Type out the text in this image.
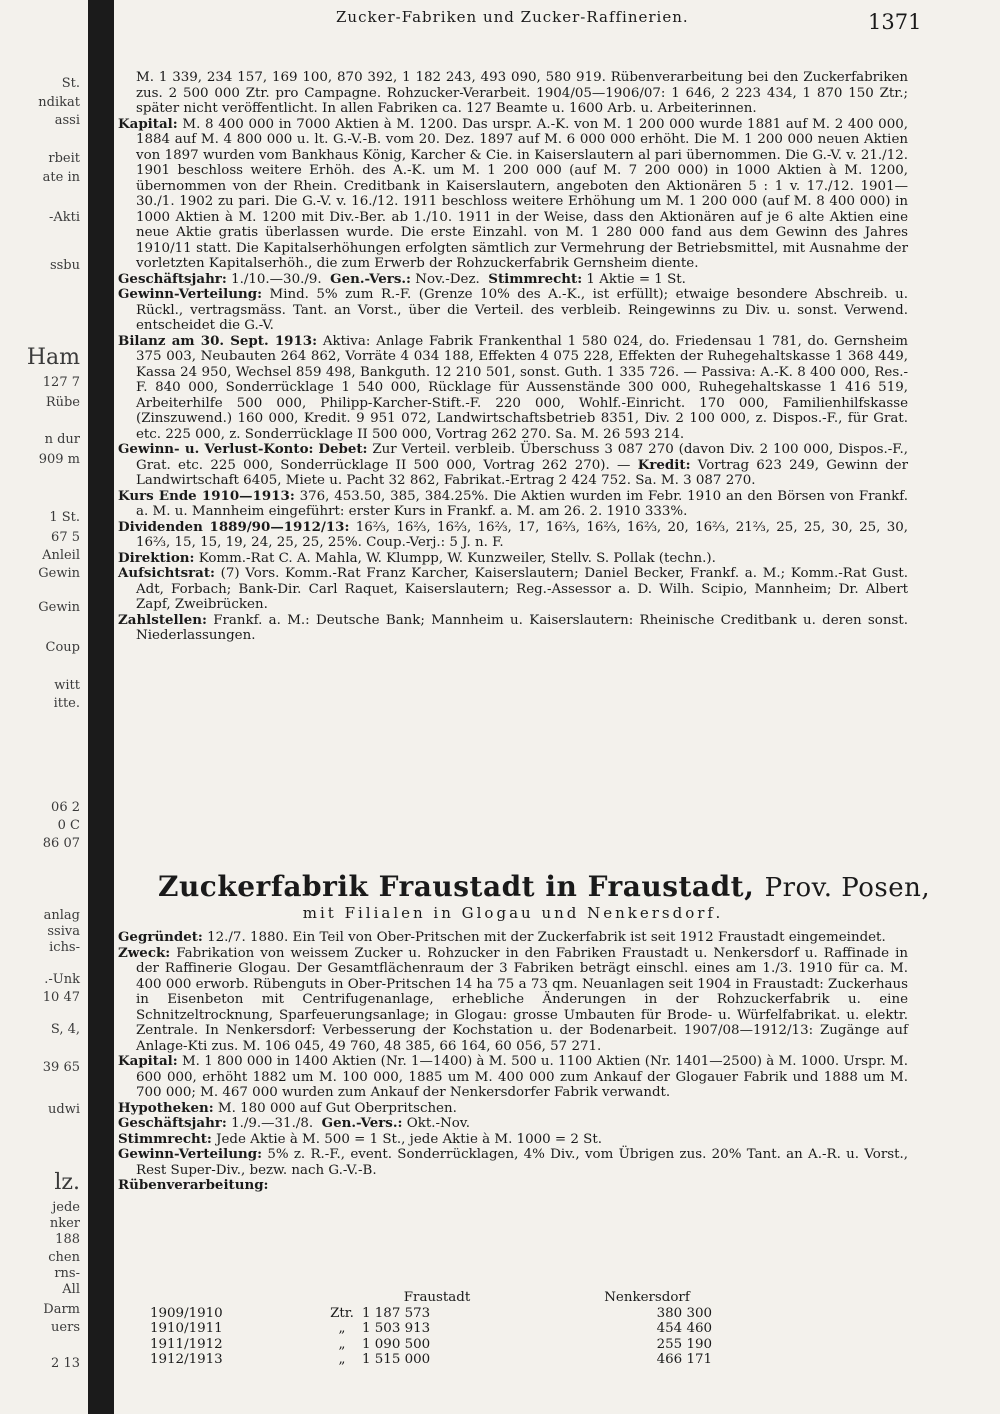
St.
ndikat
assi
rbeit
ate in
-Akti
ssbu
Ham
127 7
Rübe
n dur
909 m
1 St.
67 5
Anleil
Gewin
Gewin
Coup
witt
itte.
06 2
0 C
86 07
anlag
ssiva
ichs-
.-Unk
10 47
S, 4,
39 65
udwi
lz.
jede
nker
188
chen
rns-
All
Darm
uers
2 13
Zucker-Fabriken und Zucker-Raffinerien.	1371

M. 1 339, 234 157, 169 100, 870 392, 1 182 243, 493 090, 580 919. Rübenverarbeitung bei den Zuckerfabriken zus. 2 500 000 Ztr. pro Campagne. Rohzucker-Verarbeit. 1904/05—1906/07: 1 646, 2 223 434, 1 870 150 Ztr.; später nicht veröffentlicht. In allen Fabriken ca. 127 Beamte u. 1600 Arb. u. Arbeiterinnen.

Kapital: M. 8 400 000 in 7000 Aktien à M. 1200. Das urspr. A.-K. von M. 1 200 000 wurde 1881 auf M. 2 400 000, 1884 auf M. 4 800 000 u. lt. G.-V.-B. vom 20. Dez. 1897 auf M. 6 000 000 erhöht. Die M. 1 200 000 neuen Aktien von 1897 wurden vom Bankhaus König, Karcher & Cie. in Kaiserslautern al pari übernommen. Die G.-V. v. 21./12. 1901 beschloss weitere Erhöh. des A.-K. um M. 1 200 000 (auf M. 7 200 000) in 1000 Aktien à M. 1200, übernommen von der Rhein. Creditbank in Kaiserslautern, angeboten den Aktionären 5 : 1 v. 17./12. 1901—30./1. 1902 zu pari. Die G.-V. v. 16./12. 1911 beschloss weitere Erhöhung um M. 1 200 000 (auf M. 8 400 000) in 1000 Aktien à M. 1200 mit Div.-Ber. ab 1./10. 1911 in der Weise, dass den Aktionären auf je 6 alte Aktien eine neue Aktie gratis überlassen wurde. Die erste Einzahl. von M. 1 280 000 fand aus dem Gewinn des Jahres 1910/11 statt. Die Kapitalserhöhungen erfolgten sämtlich zur Vermehrung der Betriebsmittel, mit Ausnahme der vorletzten Kapitalserhöh., die zum Erwerb der Rohzuckerfabrik Gernsheim diente.

Geschäftsjahr: 1./10.—30./9. Gen.-Vers.: Nov.-Dez. Stimmrecht: 1 Aktie = 1 St.

Gewinn-Verteilung: Mind. 5% zum R.-F. (Grenze 10% des A.-K., ist erfüllt); etwaige besondere Abschreib. u. Rückl., vertragsmäss. Tant. an Vorst., über die Verteil. des verbleib. Reingewinns zu Div. u. sonst. Verwend. entscheidet die G.-V.

Bilanz am 30. Sept. 1913: Aktiva: Anlage Fabrik Frankenthal 1 580 024, do. Friedensau 1 781, do. Gernsheim 375 003, Neubauten 264 862, Vorräte 4 034 188, Effekten 4 075 228, Effekten der Ruhegehaltskasse 1 368 449, Kassa 24 950, Wechsel 859 498, Bankguth. 12 210 501, sonst. Guth. 1 335 726. — Passiva: A.-K. 8 400 000, Res.-F. 840 000, Sonderrücklage 1 540 000, Rücklage für Aussenstände 300 000, Ruhegehaltskasse 1 416 519, Arbeiterhilfe 500 000, Philipp-Karcher-Stift.-F. 220 000, Wohlf.-Einricht. 170 000, Familienhilfskasse (Zinszuwend.) 160 000, Kredit. 9 951 072, Landwirtschaftsbetrieb 8351, Div. 2 100 000, z. Dispos.-F., für Grat. etc. 225 000, z. Sonderrücklage II 500 000, Vortrag 262 270. Sa. M. 26 593 214.

Gewinn- u. Verlust-Konto: Debet: Zur Verteil. verbleib. Überschuss 3 087 270 (davon Div. 2 100 000, Dispos.-F., Grat. etc. 225 000, Sonderrücklage II 500 000, Vortrag 262 270). — Kredit: Vortrag 623 249, Gewinn der Landwirtschaft 6405, Miete u. Pacht 32 862, Fabrikat.-Ertrag 2 424 752. Sa. M. 3 087 270.

Kurs Ende 1910—1913: 376, 453.50, 385, 384.25%. Die Aktien wurden im Febr. 1910 an den Börsen von Frankf. a. M. u. Mannheim eingeführt: erster Kurs in Frankf. a. M. am 26. 2. 1910 333%.

Dividenden 1889/90—1912/13: 16⅔, 16⅔, 16⅔, 16⅔, 17, 16⅔, 16⅔, 16⅔, 20, 16⅔, 21⅔, 25, 25, 30, 25, 30, 16⅔, 15, 15, 19, 24, 25, 25, 25%. Coup.-Verj.: 5 J. n. F.

Direktion: Komm.-Rat C. A. Mahla, W. Klumpp, W. Kunzweiler, Stellv. S. Pollak (techn.).

Aufsichtsrat: (7) Vors. Komm.-Rat Franz Karcher, Kaiserslautern; Daniel Becker, Frankf. a. M.; Komm.-Rat Gust. Adt, Forbach; Bank-Dir. Carl Raquet, Kaiserslautern; Reg.-Assessor a. D. Wilh. Scipio, Mannheim; Dr. Albert Zapf, Zweibrücken.

Zahlstellen: Frankf. a. M.: Deutsche Bank; Mannheim u. Kaiserslautern: Rheinische Creditbank u. deren sonst. Niederlassungen.

Zuckerfabrik Fraustadt in Fraustadt, Prov. Posen,
mit Filialen in Glogau und Nenkersdorf.

Gegründet: 12./7. 1880. Ein Teil von Ober-Pritschen mit der Zuckerfabrik ist seit 1912 Fraustadt eingemeindet.

Zweck: Fabrikation von weissem Zucker u. Rohzucker in den Fabriken Fraustadt u. Nenkersdorf u. Raffinade in der Raffinerie Glogau. Der Gesamtflächenraum der 3 Fabriken beträgt einschl. eines am 1./3. 1910 für ca. M. 400 000 erworb. Rübenguts in Ober-Pritschen 14 ha 75 a 73 qm. Neuanlagen seit 1904 in Fraustadt: Zuckerhaus in Eisenbeton mit Centrifugenanlage, erhebliche Änderungen in der Rohzuckerfabrik u. eine Schnitzeltrocknung, Sparfeuerungsanlage; in Glogau: grosse Umbauten für Brode- u. Würfelfabrikat. u. elektr. Zentrale. In Nenkersdorf: Verbesserung der Kochstation u. der Bodenarbeit. 1907/08—1912/13: Zugänge auf Anlage-Kti zus. M. 106 045, 49 760, 48 385, 66 164, 60 056, 57 271.

Kapital: M. 1 800 000 in 1400 Aktien (Nr. 1—1400) à M. 500 u. 1100 Aktien (Nr. 1401—2500) à M. 1000. Urspr. M. 600 000, erhöht 1882 um M. 100 000, 1885 um M. 400 000 zum Ankauf der Glogauer Fabrik und 1888 um M. 700 000; M. 467 000 wurden zum Ankauf der Nenkersdorfer Fabrik verwandt.

Hypotheken: M. 180 000 auf Gut Oberpritschen.

Geschäftsjahr: 1./9.—31./8. Gen.-Vers.: Okt.-Nov.

Stimmrecht: Jede Aktie à M. 500 = 1 St., jede Aktie à M. 1000 = 2 St.

Gewinn-Verteilung: 5% z. R.-F., event. Sonderrücklagen, 4% Div., vom Übrigen zus. 20% Tant. an A.-R. u. Vorst., Rest Super-Div., bezw. nach G.-V.-B.

Rübenverarbeitung:

	Fraustadt	Nenkersdorf
1909/1910	Ztr. 1 187 573	380 300
1910/1911	„ 1 503 913	454 460
1911/1912	„ 1 090 500	255 190
1912/1913	„ 1 515 000	466 171
